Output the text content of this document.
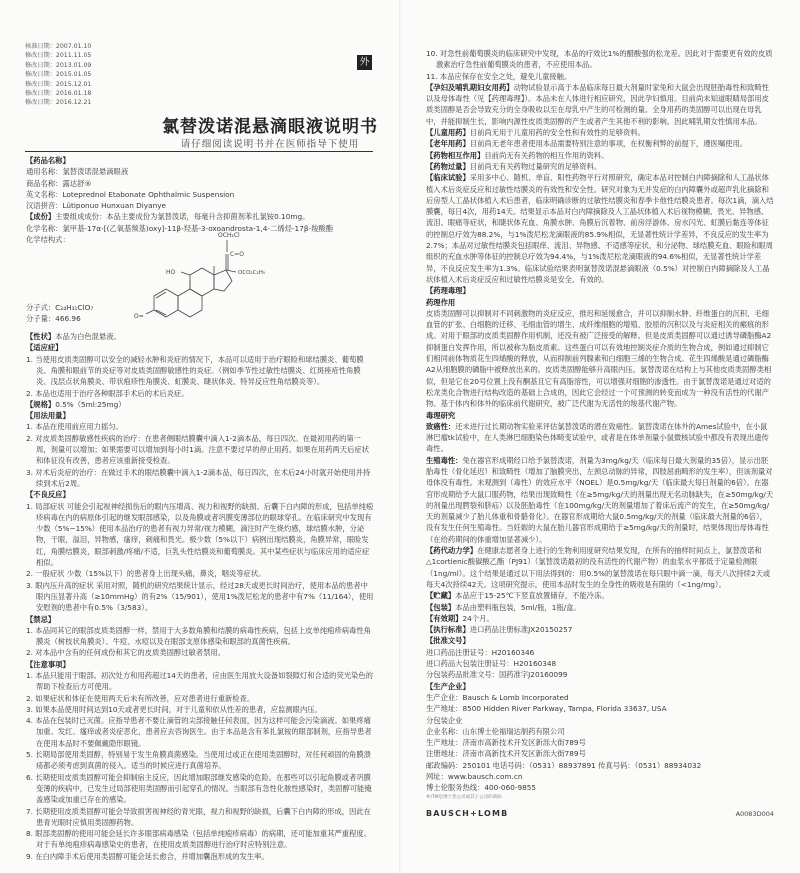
核准日期：2007.01.10
修改日期：2011.11.05
修改日期：2013.01.09
修改日期：2015.01.05
修改日期：2015.12.01
修改日期：2016.01.18
修改日期：2016.12.21
外
氯替泼诺混悬滴眼液说明书
请仔细阅读说明书并在医师指导下使用
【药品名称】
通用名称：氯替泼诺混悬滴眼液
商品名称：露达舒®
英文名称：Loteprednol Etabonate Ophthalmic Suspension
汉语拼音：Lütiponuo Hunxuan Diyanye
【成份】主要组成成份：本品主要成份为氯替泼诺，每毫升含抑菌剂苯扎氯铵0.10mg。
化学名称：氯甲基-17α-[(乙氧基羰基)oxy]-11β-羟基-3-oxoandrosta-1,4-二烯烃-17β-羧酸酯
化学结构式：
分子式：C₂₄H₃₁ClO₇
分子量：466.96
OCH₂Cl
C=O
OCO₂C₂H₅
HO
O=
【性状】本品为白色混悬液。
【适应症】
1. 当使用皮质类固醇可以安全的减轻水肿和炎症的情况下，本品可以适用于治疗眼睑和球结膜炎、葡萄膜炎、角膜和眼前节的炎症等对皮质类固醇敏感性的炎症。（例如季节性过敏性结膜炎、红斑痤疮性角膜炎、浅层点状角膜炎、带状疱疹性角膜炎、虹膜炎、睫状体炎、特异反应性角结膜炎等）。
2. 本品也适用于治疗各种眼部手术后的术后炎症。
【规格】0.5%（5ml:25mg）
【用法用量】
1. 本品在使用前应用力摇匀。
2. 对皮质类固醇敏感性疾病的治疗：在患者侧眼结膜囊中滴入1-2滴本品，每日四次。在最初用药的第一周，剂量可以增加；如果需要可以增加到每小时1滴。注意不要过早的停止用药。如果在用药两天后症状和体征没有改善，患者应该重新接受检查。
3. 对术后炎症的治疗：在做过手术的眼结膜囊中滴入1-2滴本品，每日四次，在术后24小时就开始使用并持续到术后2周。
【不良反应】
1. 局部症状 可能会引起视神经损伤后的眼内压增高、视力和视野的缺损、后囊下白内障的形成，包括单纯疱疹病毒在内的病原体引起的继发眼部感染，以及角膜或者巩膜变薄部位的眼球穿孔。在临床研究中发现有少数（5%~15%）使用本品治疗的患者有视力异常/视力模糊，滴注时产生烧灼感，球结膜水肿，分泌物，干眼，溢泪，异物感，瘙痒，刺痛和畏光。极少数（5%以下）病例出现结膜炎，角膜异常，眼睑发红，角膜结膜炎，眼部刺激/疼痛/不适，巨乳头性结膜炎和葡萄膜炎。其中某些症状与临床应用的适应症相似。
2. 一般症状 少数（15%以下）的患者身上出现头痛，鼻炎，咽炎等症状。
3. 眼内压升高的症状 采用对照，随机的研究结果统计显示，经过28天或更长时间治疗，使用本品的患者中眼内压显著升高（≥10mmHg）的有2%（15/901），使用1%泼尼松龙的患者中有7%（11/164），使用安慰剂的患者中有0.5%（3/583）。
【禁忌】
1. 本品同其它的眼部皮质类固醇一样，禁用于大多数角膜和结膜的病毒性疾病，包括上皮单纯疱疹病毒性角膜炎（树枝状角膜炎）、牛痘、水痘以及在眼部支原体感染和眼部的真菌性疾病。
2. 对本品中含有的任何成份和其它的皮质类固醇过敏者禁用。
【注意事项】
1. 本品只能用于眼部。初次处方和用药超过14天的患者，应由医生用放大设备如裂隙灯和合适的荧光染色的帮助下检查后方可使用。
2. 如果症状和体征在使用两天后未有所改善，应对患者进行重新检查。
3. 如果本品使用时间达到10天或者更长时间，对于儿童和依从性差的患者，应监测眼内压。
4. 本品在包装时已灭菌。应指导患者不要让滴管的尖部接触任何表面，因为这样可能会污染滴液。如果疼痛加重、发红、瘙痒或者炎症恶化，患者应去咨询医生。由于本品是含有苯扎氯铵的眼部制剂，应指导患者在使用本品时不要佩戴隐形眼镜。
5. 长期局部使用类固醇，特别易于发生角膜真菌感染。当使用过或正在使用类固醇时，对任何顽固的角膜溃疡都必须考虑到真菌的侵入。适当的时候应进行真菌培养。
6. 长期使用皮质类固醇可能会抑制宿主反应，因此增加眼部继发感染的危险。在那些可以引起角膜或者巩膜变薄的疾病中，已发生过局部使用类固醇而引起穿孔的情况。当眼部有急性化脓性感染时，类固醇可能掩盖感染或加重已存在的感染。
7. 长期使用皮质类固醇可能会导致损害视神经的青光眼，视力和视野的缺损，后囊下白内障的形成，因此在患青光眼时应慎用类固醇药物。
8. 眼部类固醇的使用可能会延长许多眼部病毒感染（包括单纯疱疹病毒）的病期，还可能加重其严重程度。对于有单纯疱疹病毒感染史的患者，在使用皮质类固醇进行治疗时应特别注意。
9. 在白内障手术后使用类固醇可能会延长愈合，并增加囊泡形成的发生率。
10. 对急性前葡萄膜炎的临床研究中发现，本品的疗效比1%的醋酸强的松龙差。因此对于需要更有效的皮质激素治疗急性前葡萄膜炎的患者，不应使用本品。
11. 本品应保存在安全之处，避免儿童接触。
【孕妇及哺乳期妇女用药】动物试验显示高于本品临床每日最大剂量时家兔和大鼠会出现胚胎毒性和致畸性以及母体毒性（见【药理毒理】）。本品未在人体进行相应研究，因此孕妇慎用。目前尚未知道眼睛局部用皮质类固醇是否会导致充分的全身吸收以至在母乳中产生的可检测的量。全身用药的类固醇可以出现在母乳中，并能抑制生长，影响内源性皮质类固醇的产生或者产生其他不利的影响。因此哺乳期女性慎用本品。
【儿童用药】目前尚无用于儿童用药的安全性和有效性的足够资料。
【老年用药】目前尚无老年患者使用本品需要特别注意的事项，在权衡利弊的前提下，遵医嘱使用。
【药物相互作用】目前尚无有关药物的相互作用的资料。
【药物过量】目前尚无有关药物过量研究的足够资料。
【临床试验】采用多中心、随机、单盲、阳性药物平行对照研究，确定本品对控制白内障摘除和人工晶状体植入术后炎症反应和过敏性结膜炎的有效性和安全性。研究对象为无并发症的白内障囊外或超声乳化摘除和后房型人工晶状体植入术后患者，临床明确诊断的过敏性结膜炎和春季卡他性结膜炎患者。每次1滴，滴入结膜囊，每日4次，用药14天。结果显示本品对白内障摘除及人工晶状体植入术后视物模糊、畏光、异物感、流泪、眼痛等症状，和睫状体充血、角膜水肿、角膜后沉着物、前房浮游体、房水闪光、虹膜后黏连等体征的控制总疗效为88.2%，与1%泼尼松龙滴眼液的85.9%相似，无显著性统计学差异，不良反应的发生率为2.7%；本品对过敏性结膜炎包括眼痒、流泪、异物感、不适感等症状，和分泌物、球结膜充血、眼睑和眼周组织的充血水肿等体征的控制总疗效为94.4%，与1%泼尼松龙滴眼液的94.6%相似，无显著性统计学差异，不良反应发生率为1.3%。临床试验结果表明氯替泼诺混悬滴眼液（0.5%）对控制白内障摘除及人工晶状体植入术后炎症反应和过敏性结膜炎是安全、有效的。
【药理毒理】
药理作用
皮质类固醇可以抑制对不同刺激物的炎症反应，推迟和延缓愈合，并可以抑制水肿、纤维蛋白的沉积、毛细血管的扩张、白细胞的迁移、毛细血管的增生、成纤维细胞的增殖、胶原的沉积以及与炎症相关的瘢痕的形成。对用于眼部的皮质类固醇作用机制，还没有被广泛接受的解释。但是皮质类固醇可以通过诱导磷脂酶A2抑制蛋白发挥作用，所以被称为脂皮质素。这些蛋白可以有效地控制炎症介质的生物合成，例如通过抑制它们相同前体物质花生四烯酸的释放，从而抑制前列腺素和白细胞三烯的生物合成。花生四烯酸是通过磷脂酶A2从细胞膜的磷脂中被释放出来的。皮质类固醇能够升高眼内压。氯替泼诺在结构上与其他皮质类固醇类相似，但是它在20号位置上没有酮基且它有高脂溶性，可以增强对细胞的渗透性。由于氯替泼诺是通过对适的松龙类化合物进行结构改造的基础上合成的，因此它会经过一个可预测的转变而成为一种没有活性的代谢产物。基于体内和体外的临床前代谢研究，被广泛代谢为无活性的羧基代谢产物。
毒理研究
致癌性：还未进行过长期动物实验来评估氯替泼诺的潜在致癌性。氯替泼诺在体外的Ames试验中，在小鼠淋巴瘤tk试验中，在人类淋巴细胞染色体畸变试验中，或者是在体单剂量小鼠微核试验中都没有表现出遗传毒性。
生殖毒性：兔在器官形成期经口给予氯替泼诺，剂量为3mg/kg/天（临床每日最大剂量的35倍），显示出胚胎毒性（骨化延迟）和致畸性（增加了脑膜突出，左颈总动脉的异常，四肢屈曲畸形的发生率），但该剂量对母体没有毒性。未观测到（毒性）的效应水平（NOEL）是0.5mg/kg/天（临床最大每日剂量的6倍）。在器官形成期给予大鼠口服药物，结果出现致畸性（在≥5mg/kg/天的剂量出现无名动脉缺失，在≥50mg/kg/天的剂量出现腭裂和脐疝）以及胚胎毒性（在100mg/kg/天的剂量增加了着床后流产的发生，在≥50mg/kg/天的剂量减少了胎儿体重和骨骼骨化）。在器官形成期给大鼠0.5mg/kg/天的剂量（临床最大剂量的6倍），没有发生任何生殖毒性。当妊娠的大鼠在胎儿器官形成期给于≥5mg/kg/天的剂量时，结果体现出母体毒性（在给药期间的体重增加显著减少）。
【药代动力学】在健康志愿者身上进行的生物利用度研究结果发现，在所有的抽样时间点上，氯替泼诺和△1cortienic酸碳酸乙酯（PJ91）（氯替泼诺最初的没有活性的代谢产物）的血浆水平都低于定量检测限（1ng/ml）。这个结果是通过以下用法得到的：用0.5%的氯替泼诺在每只眼中滴一滴，每天八次持续2天或每天4次持续42天。这项研究提示，使用本品时发生的全身性的吸收是有限的（<1ng/mg）。
【贮藏】本品应于15-25℃下竖直放置储存，不能冷冻。
【包装】本品由塑料瓶包装，5ml/瓶，1瓶/盒。
【有效期】24个月。
【执行标准】进口药品注册标准JX20150257
【批准文号】
进口药品注册证号：H20160346
进口药品大包装注册证号：H20160348
分包装药品批准文号：国药准字J20160099
【生产企业】
生产企业：Bausch & Lomb Incorporated
生产地址：8500 Hidden River Parkway, Tampa, Florida 33637, USA
分包装企业
企业名称：山东博士伦福瑞达制药有限公司
生产地址：济南市高新技术开发区新泺大街789号
注册地址：济南市高新技术开发区新泺大街789号
邮政编码：250101 电话号码：（0531）88937891 传真号码：（0531）88934032
网址：www.bausch.com.cn
博士伦服务热线：400-060-9855
®/TM是博士伦公司或其子公司的商标
BAUSCH+LOMB	A0083D004
